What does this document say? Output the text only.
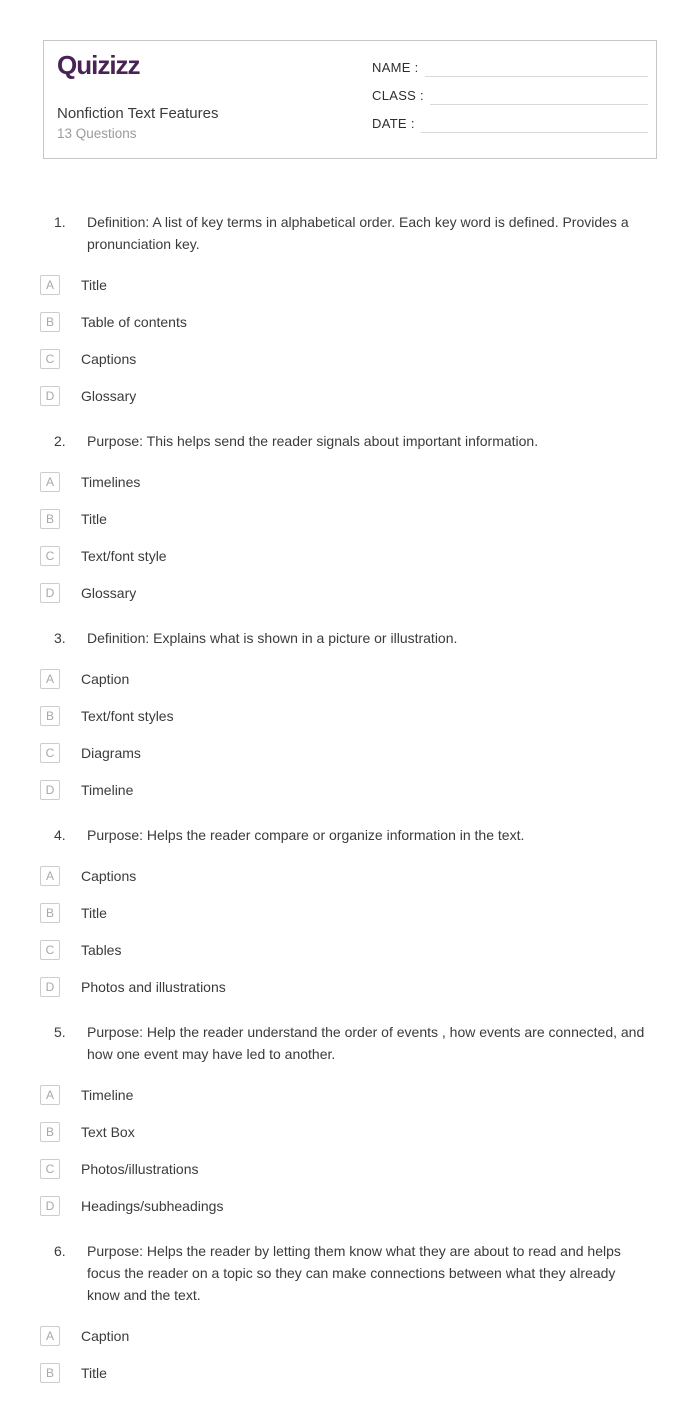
Quizizz
Nonfiction Text Features
13 Questions
NAME :
CLASS :
DATE :
1.	Definition: A list of key terms in alphabetical order. Each key word is defined. Provides a pronunciation key.
A	Title
B	Table of contents
C	Captions
D	Glossary
2.	Purpose: This helps send the reader signals about important information.
A	Timelines
B	Title
C	Text/font style
D	Glossary
3.	Definition: Explains what is shown in a picture or illustration.
A	Caption
B	Text/font styles
C	Diagrams
D	Timeline
4.	Purpose: Helps the reader compare or organize information in the text.
A	Captions
B	Title
C	Tables
D	Photos and illustrations
5.	Purpose: Help the reader understand the order of events , how events are connected, and how one event may have led to another.
A	Timeline
B	Text Box
C	Photos/illustrations
D	Headings/subheadings
6.	Purpose: Helps the reader by letting them know what they are about to read and helps focus the reader on a topic so they can make connections between what they already know and the text.
A	Caption
B	Title
